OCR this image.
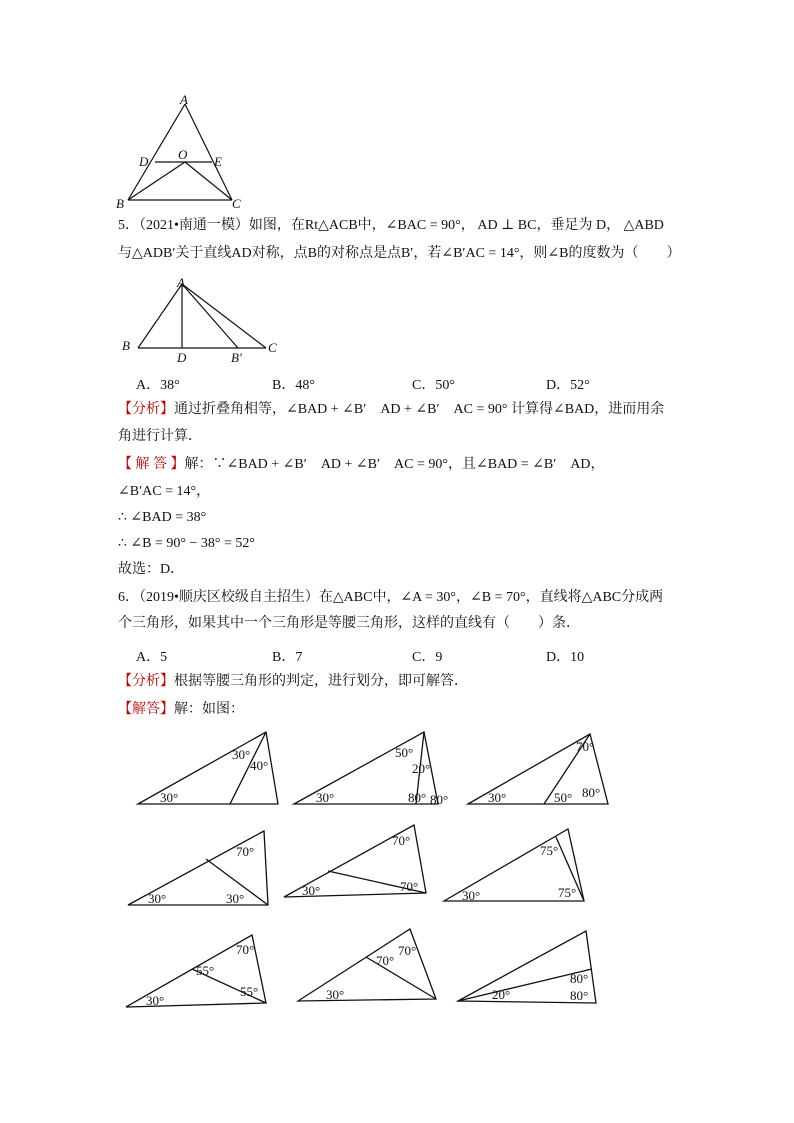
A
D O E
B	C
5．（2021•南通一模）如图，在Rt△ACB中，∠BAC = 90°， AD ⊥ BC，垂足为 D， △ABD
与△ADB′关于直线AD对称，点B的对称点是点B′，若∠B′AC = 14°，则∠B的度数为（　　）
A
B
D	B′
C
A．38°	B．48°	C．50°	D．52°
【分析】通过折叠角相等，∠BAD + ∠B′　AD + ∠B′　AC = 90° 计算得∠BAD，进而用余
角进行计算．
【 解 答 】解：∵∠BAD + ∠B′　AD + ∠B′　AC = 90°，且∠BAD = ∠B′　AD，
∠B′AC = 14°，
∴ ∠BAD = 38°
∴ ∠B = 90° − 38° = 52°
故选：D．
6．（2019•顺庆区校级自主招生）在△ABC中，∠A = 30°，∠B = 70°，直线将△ABC分成两
个三角形，如果其中一个三角形是等腰三角形，这样的直线有（　　）条．
A．5	B．7	C．9	D．10
【分析】根据等腰三角形的判定，进行划分，即可解答．
【解答】解：如图：
30°
30°
40°
30°
50°
20°
80° 80°	30°
70°
50° 80°
30°	30°
70°
30°
70°
70°
30°
75°
75°
30°
55°
70°
55°	30°
70°
70°
20°
80°
80°
